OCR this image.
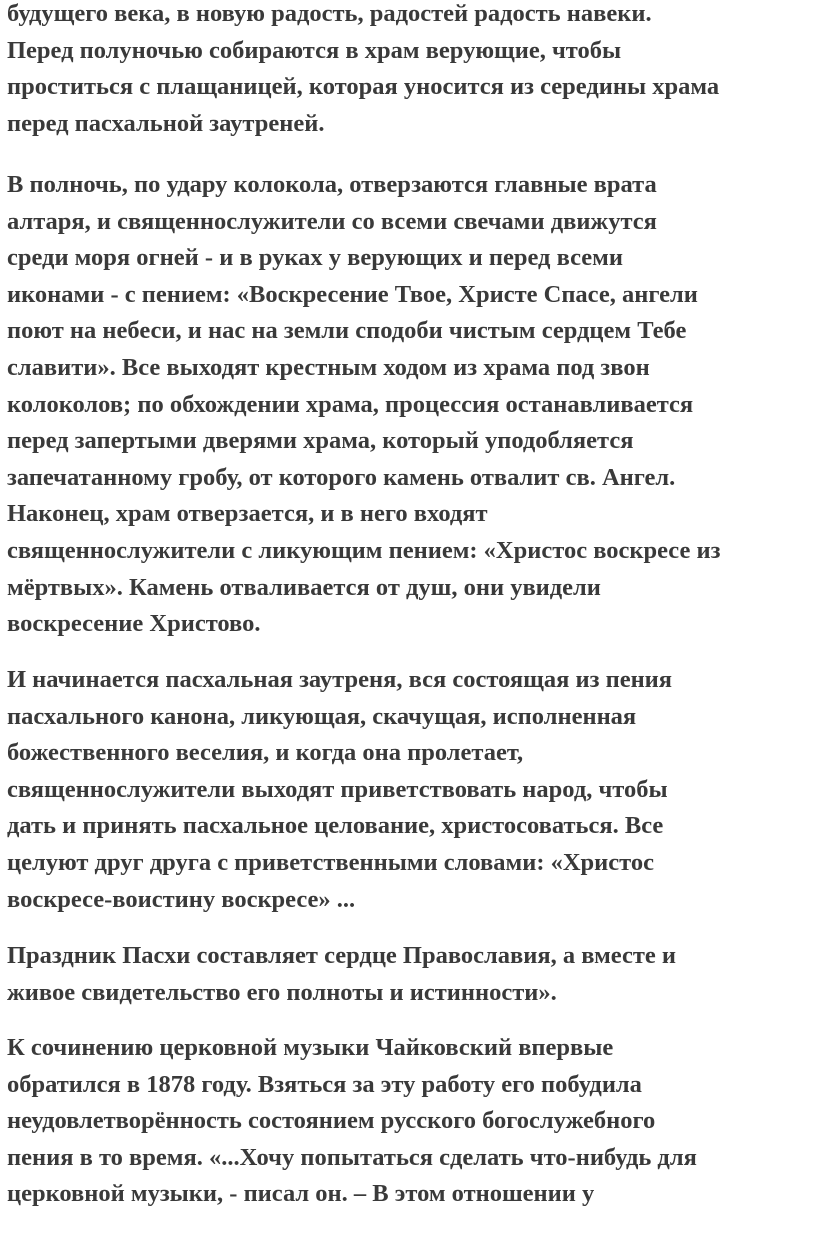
будущего века, в новую радость, радостей радость навеки.
Перед полуночью собираются в храм верующие, чтобы
проститься с плащаницей, которая уносится из середины храма
перед пасхальной заутреней.

В полночь, по удару колокола, отверзаются главные врата
алтаря, и священнослужители со всеми свечами движутся
среди моря огней - и в руках у верующих и перед всеми
иконами - с пением: «Воскресение Твое, Христе Спасе, ангели
поют на небеси, и нас на земли сподоби чистым сердцем Тебе
славити». Все выходят крестным ходом из храма под звон
колоколов; по обхождении храма, процессия останавливается
перед запертыми дверями храма, который уподобляется
запечатанному гробу, от которого камень отвалит св. Ангел.
Наконец, храм отверзается, и в него входят
священнослужители с ликующим пением: «Христос воскресе из
мёртвых». Камень отваливается от душ, они увидели
воскресение Христово.

И начинается пасхальная заутреня, вся состоящая из пения
пасхального канона, ликующая, скачущая, исполненная
божественного веселия, и когда она пролетает,
священнослужители выходят приветствовать народ, чтобы
дать и принять пасхальное целование, христосоваться. Все
целуют друг друга с приветственными словами: «Христос
воскресе-воистину воскресе» ...

Праздник Пасхи составляет сердце Православия, а вместе и
живое свидетельство его полноты и истинности».

К сочинению церковной музыки Чайковский впервые
обратился в 1878 году. Взяться за эту работу его побудила
неудовлетворённость состоянием русского богослужебного
пения в то время. «...Хочу попытаться сделать что-нибудь для
церковной музыки, - писал он. – В этом отношении у
